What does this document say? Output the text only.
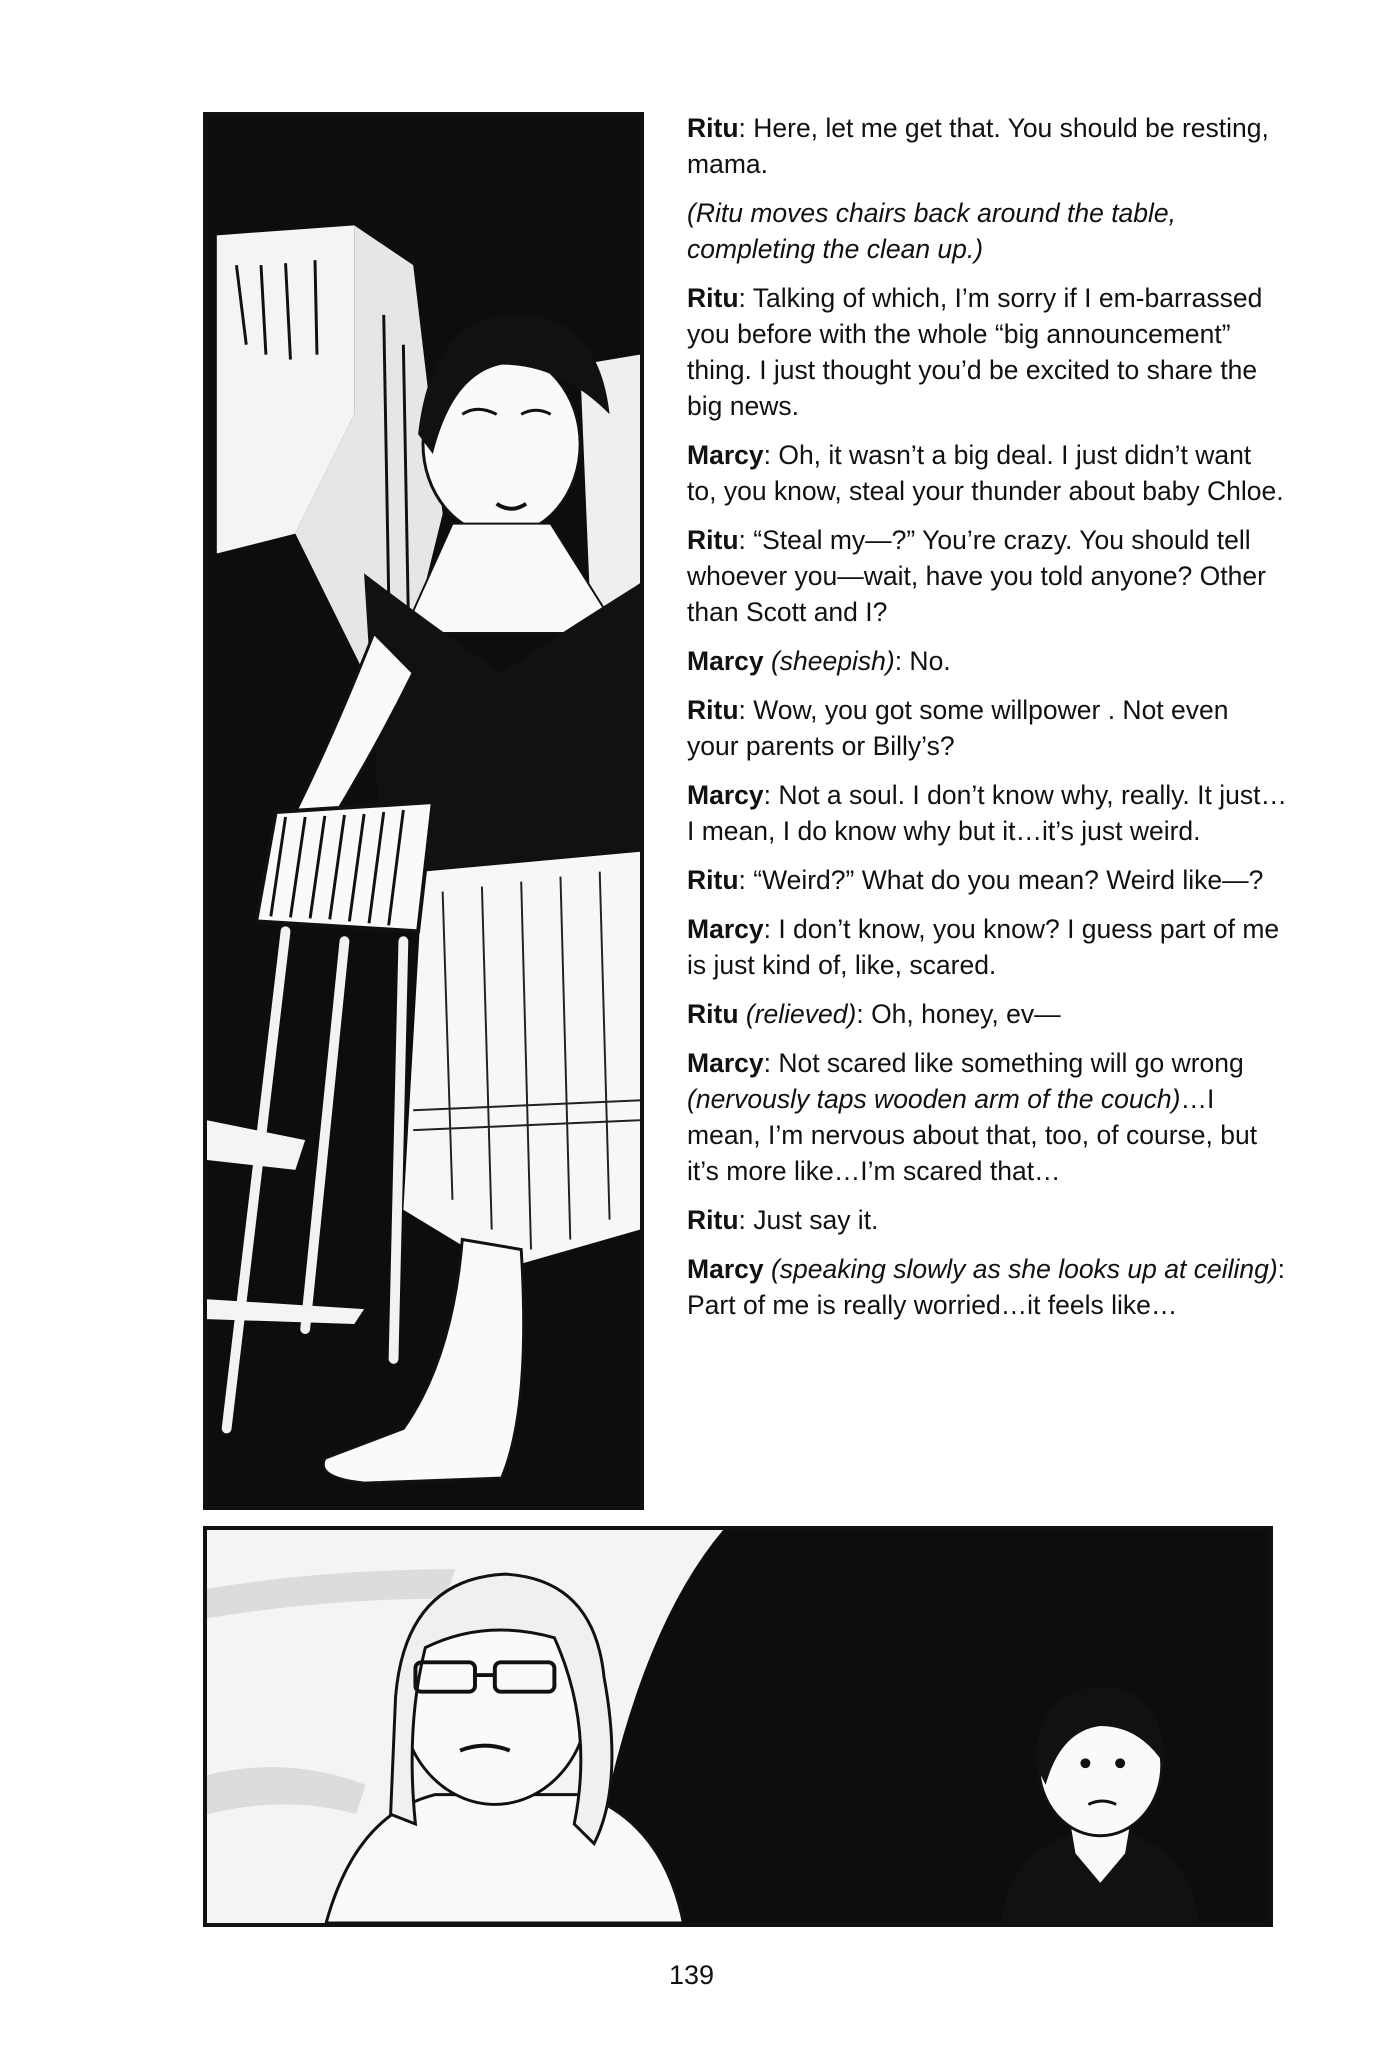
Ritu: Here, let me get that. You should be resting, mama.

(Ritu moves chairs back around the table, completing the clean up.)

Ritu: Talking of which, I’m sorry if I em-barrassed you before with the whole “big announcement” thing. I just thought you’d be excited to share the big news.

Marcy: Oh, it wasn’t a big deal. I just didn’t want to, you know, steal your thunder about baby Chloe.

Ritu: “Steal my—?” You’re crazy. You should tell whoever you—wait, have you told anyone? Other than Scott and I?

Marcy (sheepish): No.

Ritu: Wow, you got some willpower . Not even your parents or Billy’s?

Marcy: Not a soul. I don’t know why, really. It just…I mean, I do know why but it…it’s just weird.

Ritu: “Weird?” What do you mean? Weird like—?

Marcy: I don’t know, you know? I guess part of me is just kind of, like, scared.

Ritu (relieved): Oh, honey, ev—

Marcy: Not scared like something will go wrong (nervously taps wooden arm of the couch)…I mean, I’m nervous about that, too, of course, but it’s more like…I’m scared that…

Ritu: Just say it.

Marcy (speaking slowly as she looks up at ceiling): Part of me is really worried…it feels like…

139
